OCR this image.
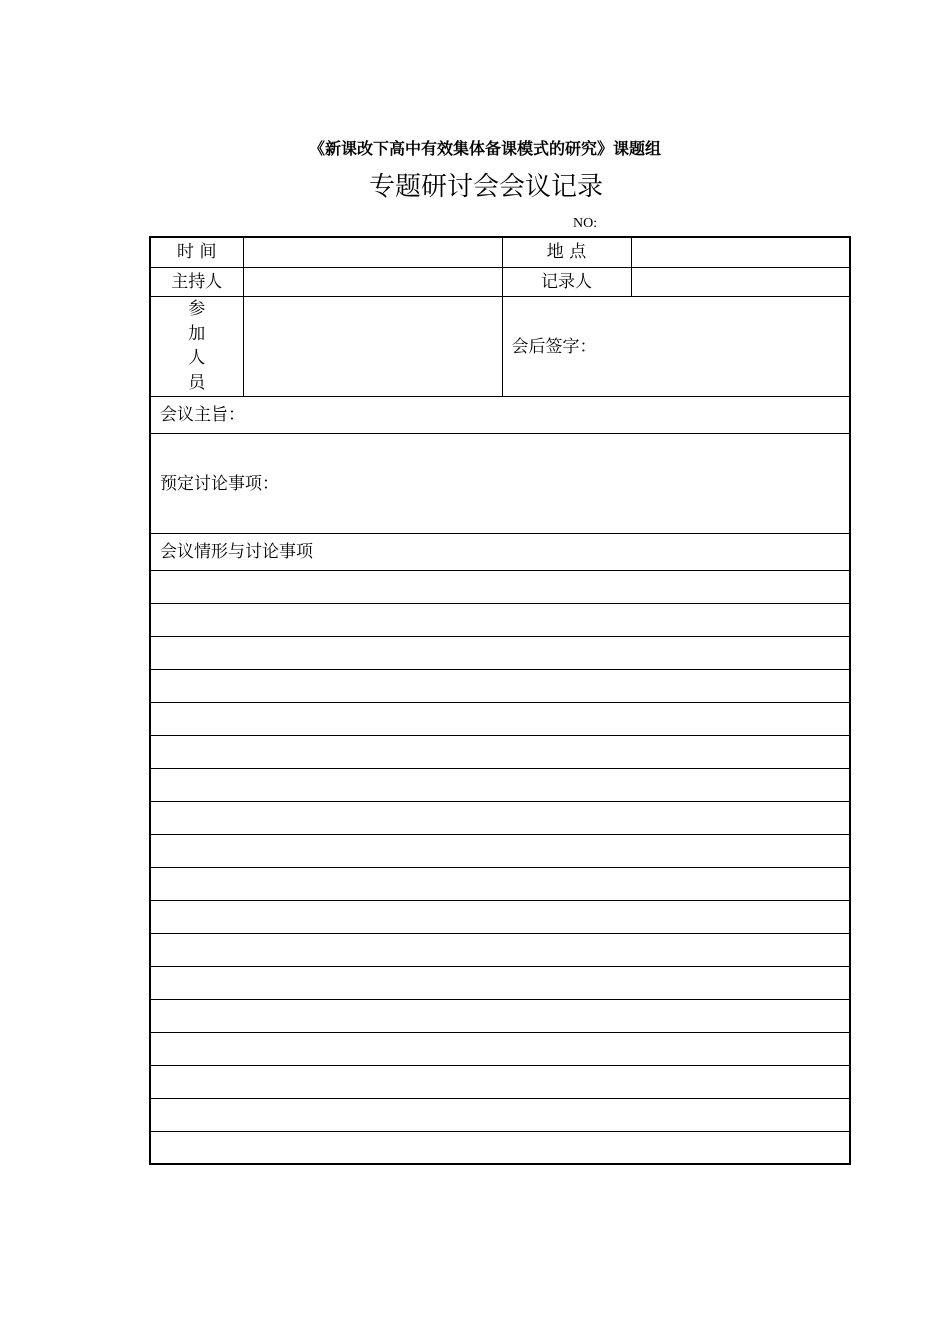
《新课改下高中有效集体备课模式的研究》课题组
专题研讨会会议记录
NO:
时 间		地 点	
主持人		记录人	

参加人员		会后签字：	

会议主旨：			

预定讨论事项：			

会议情形与讨论事项			
